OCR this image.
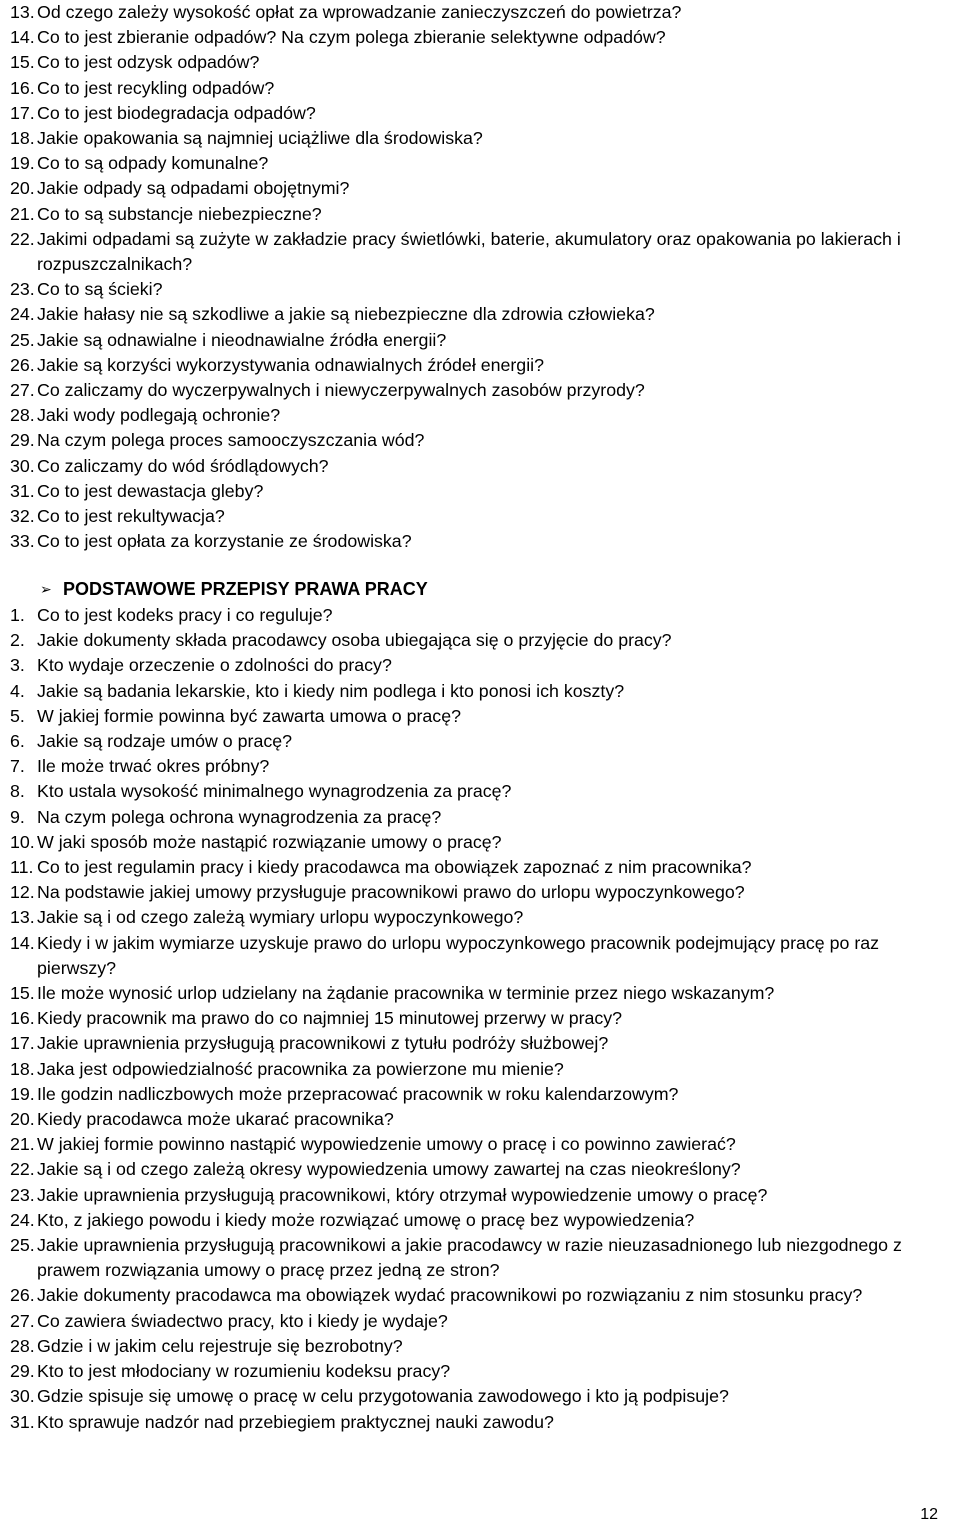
13. Od czego zależy wysokość opłat za wprowadzanie zanieczyszczeń do powietrza?
14. Co to jest zbieranie odpadów? Na czym polega zbieranie selektywne odpadów?
15. Co to jest odzysk odpadów?
16. Co to jest recykling odpadów?
17. Co to jest biodegradacja odpadów?
18. Jakie opakowania są najmniej uciążliwe dla środowiska?
19. Co to są odpady komunalne?
20. Jakie odpady są odpadami obojętnymi?
21. Co to są substancje niebezpieczne?
22. Jakimi odpadami są zużyte w zakładzie pracy świetlówki, baterie, akumulatory oraz opakowania po lakierach i rozpuszczalnikach?
23. Co to są ścieki?
24. Jakie hałasy nie są szkodliwe a jakie są niebezpieczne dla zdrowia człowieka?
25. Jakie są odnawialne i nieodnawialne źródła energii?
26. Jakie są korzyści wykorzystywania odnawialnych źródeł energii?
27. Co zaliczamy do wyczerpywalnych i niewyczerpywalnych zasobów przyrody?
28. Jaki wody podlegają ochronie?
29. Na czym polega proces samooczyszczania wód?
30. Co zaliczamy do wód śródlądowych?
31. Co to jest dewastacja gleby?
32. Co to jest rekultywacja?
33. Co to jest opłata za korzystanie ze środowiska?
➢ PODSTAWOWE PRZEPISY PRAWA PRACY
1. Co to jest kodeks pracy i co reguluje?
2. Jakie dokumenty składa pracodawcy osoba ubiegająca się o przyjęcie do pracy?
3. Kto wydaje orzeczenie o zdolności do pracy?
4. Jakie są badania lekarskie, kto i kiedy nim podlega i kto ponosi ich koszty?
5. W jakiej formie powinna być zawarta umowa o pracę?
6. Jakie są rodzaje umów o pracę?
7. Ile może trwać okres próbny?
8. Kto ustala wysokość minimalnego wynagrodzenia za pracę?
9. Na czym polega ochrona wynagrodzenia za pracę?
10. W jaki sposób może nastąpić rozwiązanie umowy o pracę?
11. Co to jest regulamin pracy i kiedy pracodawca ma obowiązek zapoznać z nim pracownika?
12. Na podstawie jakiej umowy przysługuje pracownikowi prawo do urlopu wypoczynkowego?
13. Jakie są i od czego zależą wymiary urlopu wypoczynkowego?
14. Kiedy i w jakim wymiarze uzyskuje prawo do urlopu wypoczynkowego pracownik podejmujący pracę po raz pierwszy?
15. Ile może wynosić urlop udzielany na żądanie pracownika w terminie przez niego wskazanym?
16. Kiedy pracownik ma prawo do co najmniej 15 minutowej przerwy w pracy?
17. Jakie uprawnienia przysługują pracownikowi z tytułu podróży służbowej?
18. Jaka jest odpowiedzialność pracownika za powierzone mu mienie?
19. Ile godzin nadliczbowych może przepracować pracownik w roku kalendarzowym?
20. Kiedy pracodawca może ukarać pracownika?
21. W jakiej formie powinno nastąpić wypowiedzenie umowy o pracę i co powinno zawierać?
22. Jakie są i od czego zależą okresy wypowiedzenia umowy zawartej na czas nieokreślony?
23. Jakie uprawnienia przysługują pracownikowi, który otrzymał wypowiedzenie umowy o pracę?
24. Kto, z jakiego powodu i kiedy może rozwiązać umowę o pracę bez wypowiedzenia?
25. Jakie uprawnienia przysługują pracownikowi a jakie pracodawcy w razie nieuzasadnionego lub niezgodnego z prawem rozwiązania umowy o pracę przez jedną ze stron?
26. Jakie dokumenty pracodawca ma obowiązek wydać pracownikowi po rozwiązaniu z nim stosunku pracy?
27. Co zawiera świadectwo pracy, kto i kiedy je wydaje?
28. Gdzie i w jakim celu rejestruje się bezrobotny?
29. Kto to jest młodociany w rozumieniu kodeksu pracy?
30. Gdzie spisuje się umowę o pracę w celu przygotowania zawodowego i kto ją podpisuje?
31. Kto sprawuje nadzór nad przebiegiem praktycznej nauki zawodu?
12
